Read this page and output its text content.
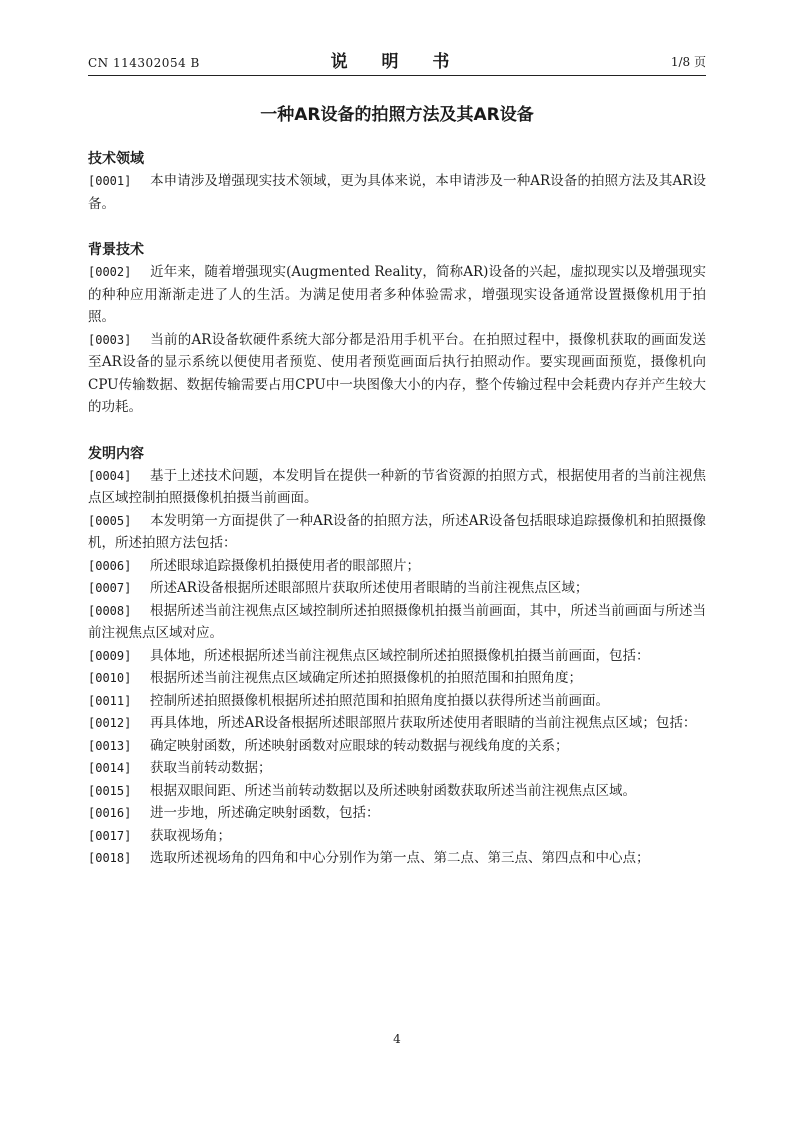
CN 114302054 B	说 明 书	1/8 页
一种AR设备的拍照方法及其AR设备
技术领域
[0001] 本申请涉及增强现实技术领域，更为具体来说，本申请涉及一种AR设备的拍照方法及其AR设备。
背景技术
[0002] 近年来，随着增强现实(Augmented Reality，简称AR)设备的兴起，虚拟现实以及增强现实的种种应用渐渐走进了人的生活。为满足使用者多种体验需求，增强现实设备通常设置摄像机用于拍照。
[0003] 当前的AR设备软硬件系统大部分都是沿用手机平台。在拍照过程中，摄像机获取的画面发送至AR设备的显示系统以便使用者预览、使用者预览画面后执行拍照动作。要实现画面预览，摄像机向CPU传输数据、数据传输需要占用CPU中一块图像大小的内存，整个传输过程中会耗费内存并产生较大的功耗。
发明内容
[0004] 基于上述技术问题，本发明旨在提供一种新的节省资源的拍照方式，根据使用者的当前注视焦点区域控制拍照摄像机拍摄当前画面。
[0005] 本发明第一方面提供了一种AR设备的拍照方法，所述AR设备包括眼球追踪摄像机和拍照摄像机，所述拍照方法包括：
[0006] 所述眼球追踪摄像机拍摄使用者的眼部照片；
[0007] 所述AR设备根据所述眼部照片获取所述使用者眼睛的当前注视焦点区域；
[0008] 根据所述当前注视焦点区域控制所述拍照摄像机拍摄当前画面，其中，所述当前画面与所述当前注视焦点区域对应。
[0009] 具体地，所述根据所述当前注视焦点区域控制所述拍照摄像机拍摄当前画面，包括：
[0010] 根据所述当前注视焦点区域确定所述拍照摄像机的拍照范围和拍照角度；
[0011] 控制所述拍照摄像机根据所述拍照范围和拍照角度拍摄以获得所述当前画面。
[0012] 再具体地，所述AR设备根据所述眼部照片获取所述使用者眼睛的当前注视焦点区域；包括：
[0013] 确定映射函数，所述映射函数对应眼球的转动数据与视线角度的关系；
[0014] 获取当前转动数据；
[0015] 根据双眼间距、所述当前转动数据以及所述映射函数获取所述当前注视焦点区域。
[0016] 进一步地，所述确定映射函数，包括：
[0017] 获取视场角；
[0018] 选取所述视场角的四角和中心分别作为第一点、第二点、第三点、第四点和中心点；
4
